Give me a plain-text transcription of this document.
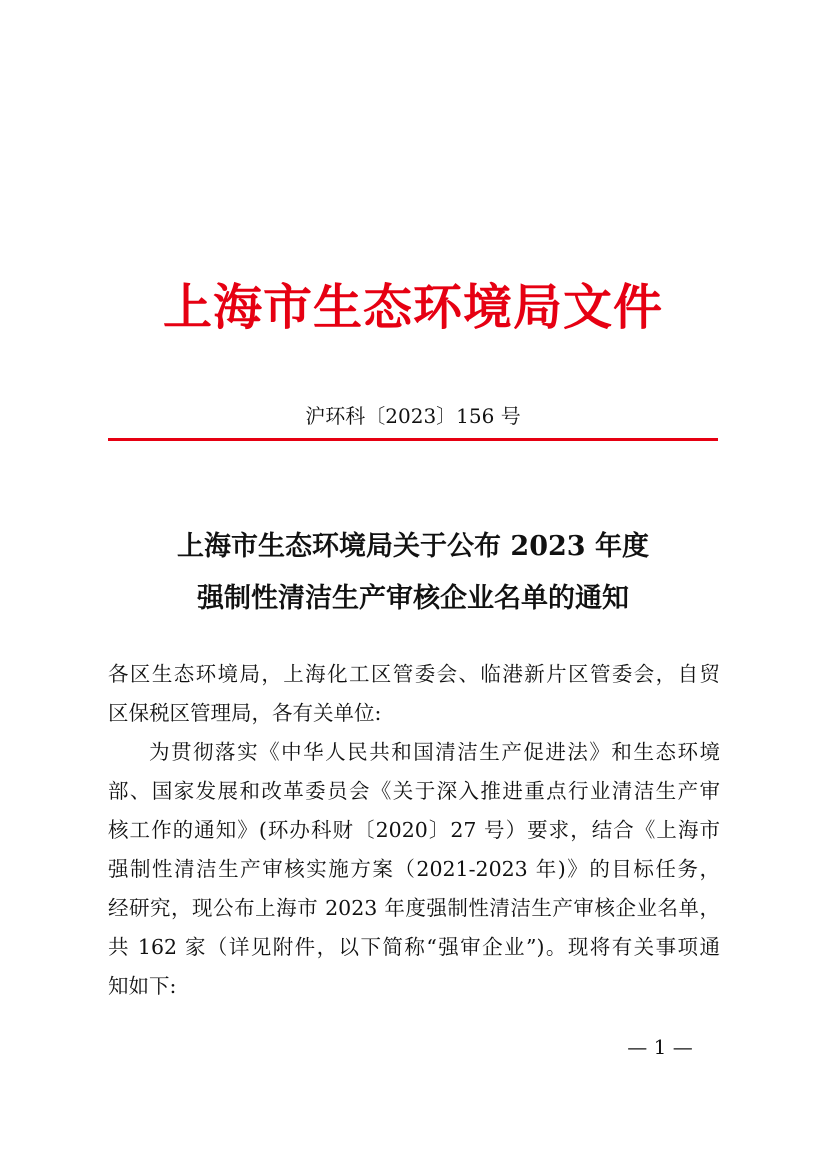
上海市生态环境局文件
沪环科〔2023〕156 号
上海市生态环境局关于公布 2023 年度
强制性清洁生产审核企业名单的通知
各区生态环境局，上海化工区管委会、临港新片区管委会，自贸
区保税区管理局，各有关单位:
为贯彻落实《中华人民共和国清洁生产促进法》和生态环境
部、国家发展和改革委员会《关于深入推进重点行业清洁生产审
核工作的通知》(环办科财〔2020〕27 号）要求，结合《上海市
强制性清洁生产审核实施方案（2021-2023 年)》的目标任务，
经研究，现公布上海市 2023 年度强制性清洁生产审核企业名单，
共 162 家（详见附件，以下简称“强审企业”)。现将有关事项通
知如下:
— 1 —
